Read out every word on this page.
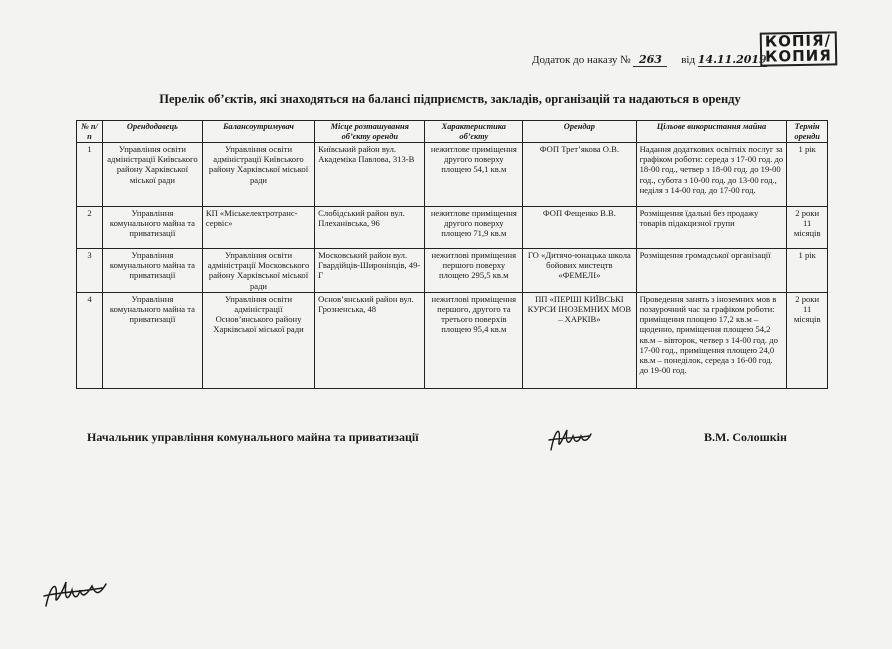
Додаток до наказу № 263 від 14.11.2019
КОПІЯ/
КОПИЯ
Перелік об’єктів, які знаходяться на балансі підприємств, закладів, організацій та надаються в оренду
№ п/п	Орендодавець	Балансоутримувач	Місце розташування об’єкту оренди	Характеристика об’єкту	Орендар	Цільове використання майна	Термін оренди
1	Управління освіти адміністрації Київського району Харківської міської ради	Управління освіти адміністрації Київського району Харківської міської ради	Київський район вул. Академіка Павлова, 313-В	нежитлове приміщення другого поверху площею 54,1 кв.м	ФОП Трет’якова О.В.	Надання додаткових освітніх послуг за графіком роботи: середа з 17-00 год. до 18-00 год., четвер з 18-00 год. до 19-00 год., субота з 10-00 год. до 13-00 год., неділя з 14-00 год. до 17-00 год.	1 рік
2	Управління комунального майна та приватизації	КП «Міськелектротранс-сервіс»	Слобідський район вул. Плеханівська, 96	нежитлове приміщення другого поверху площею 71,9 кв.м	ФОП Фещенко В.В.	Розміщення їдальні без продажу товарів підакцизної групи	2 роки 11 місяців
3	Управління комунального майна та приватизації	Управління освіти адміністрації Московського району Харківської міської ради	Московський район вул. Гвардійців-Широнінців, 49-Г	нежитлові приміщення першого поверху площею 295,5 кв.м	ГО «Дитячо-юнацька школа бойових мистецтв «ФЕМЕЛІ»	Розміщення громадської організації	1 рік
4	Управління комунального майна та приватизації	Управління освіти адміністрації Основ’янського району Харківської міської ради	Основ’янський район вул. Грозненська, 48	нежитлові приміщення першого, другого та третього поверхів площею 95,4 кв.м	ПП «ПЕРШІ КИЇВСЬКІ КУРСИ ІНОЗЕМНИХ МОВ – ХАРКІВ»	Проведення занять з іноземних мов в позаурочний час за графіком роботи: приміщення площею 17,2 кв.м – щоденно, приміщення площею 54,2 кв.м – вівторок, четвер з 14-00 год. до 17-00 год., приміщення площею 24,0 кв.м – понеділок, середа з 16-00 год. до 19-00 год.	2 роки 11 місяців
Начальник управління комунального майна та приватизації	В.М. Солошкін
